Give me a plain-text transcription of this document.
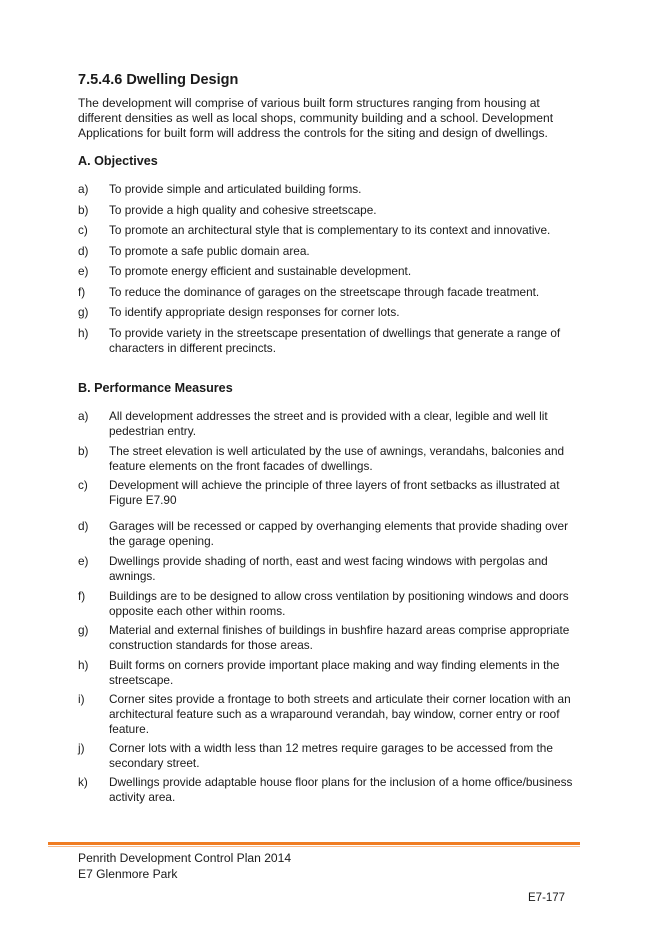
7.5.4.6 Dwelling Design

The development will comprise of various built form structures ranging from housing at different densities as well as local shops, community building and a school. Development Applications for built form will address the controls for the siting and design of dwellings.

A. Objectives
a) To provide simple and articulated building forms.
b) To provide a high quality and cohesive streetscape.
c) To promote an architectural style that is complementary to its context and innovative.
d) To promote a safe public domain area.
e) To promote energy efficient and sustainable development.
f) To reduce the dominance of garages on the streetscape through facade treatment.
g) To identify appropriate design responses for corner lots.
h) To provide variety in the streetscape presentation of dwellings that generate a range of characters in different precincts.
B. Performance Measures
a) All development addresses the street and is provided with a clear, legible and well lit pedestrian entry.
b) The street elevation is well articulated by the use of awnings, verandahs, balconies and feature elements on the front facades of dwellings.
c) Development will achieve the principle of three layers of front setbacks as illustrated at Figure E7.90
d) Garages will be recessed or capped by overhanging elements that provide shading over the garage opening.
e) Dwellings provide shading of north, east and west facing windows with pergolas and awnings.
f) Buildings are to be designed to allow cross ventilation by positioning windows and doors opposite each other within rooms.
g) Material and external finishes of buildings in bushfire hazard areas comprise appropriate construction standards for those areas.
h) Built forms on corners provide important place making and way finding elements in the streetscape.
i) Corner sites provide a frontage to both streets and articulate their corner location with an architectural feature such as a wraparound verandah, bay window, corner entry or roof feature.
j) Corner lots with a width less than 12 metres require garages to be accessed from the secondary street.
k) Dwellings provide adaptable house floor plans for the inclusion of a home office/business activity area.

Penrith Development Control Plan 2014

E7 Glenmore Park

E7-177
